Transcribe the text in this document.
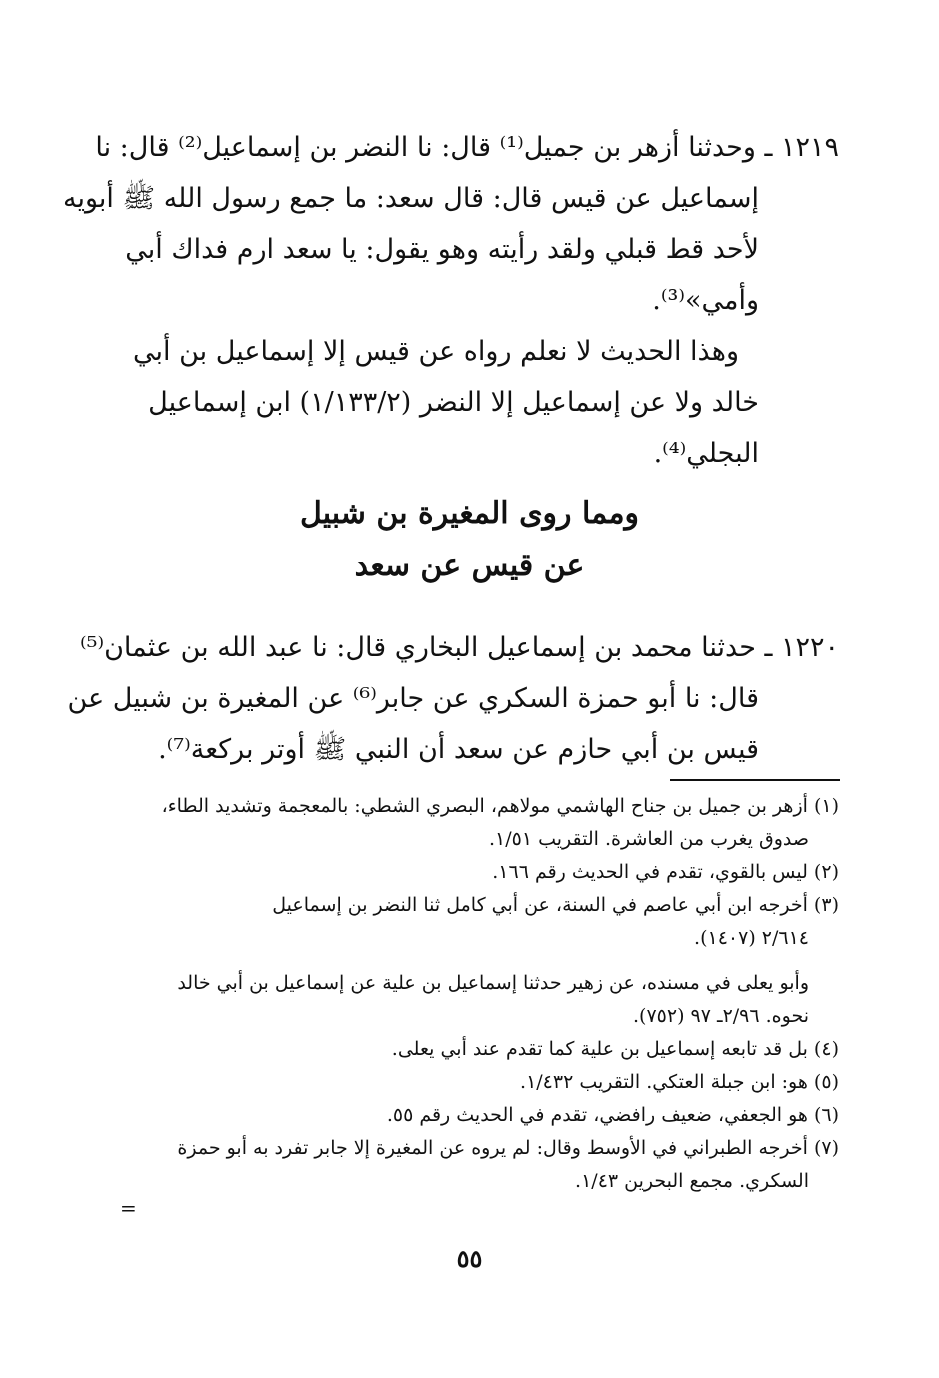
١٢١٩ ـ وحدثنا أزهر بن جميل⁽¹⁾ قال: نا النضر بن إسماعيل⁽²⁾ قال: نا
إسماعيل عن قيس قال: قال سعد: ما جمع رسول الله ﷺ أبويه
لأحد قط قبلي ولقد رأيته وهو يقول: يا سعد ارم فداك أبي
وأمي»⁽³⁾.
وهذا الحديث لا نعلم رواه عن قيس إلا إسماعيل بن أبي
خالد ولا عن إسماعيل إلا النضر (١/١٣٣/٢) ابن إسماعيل
البجلي⁽⁴⁾.
ومما روى المغيرة بن شبيل
عن قيس عن سعد
١٢٢٠ ـ حدثنا محمد بن إسماعيل البخاري قال: نا عبد الله بن عثمان⁽⁵⁾
قال: نا أبو حمزة السكري عن جابر⁽⁶⁾ عن المغيرة بن شبيل عن
قيس بن أبي حازم عن سعد أن النبي ﷺ أوتر بركعة⁽⁷⁾.
(١) أزهر بن جميل بن جناح الهاشمي مولاهم، البصري الشطي: بالمعجمة وتشديد الطاء،
صدوق يغرب من العاشرة. التقريب ١/٥١.
(٢) ليس بالقوي، تقدم في الحديث رقم ١٦٦.
(٣) أخرجه ابن أبي عاصم في السنة، عن أبي كامل ثنا النضر بن إسماعيل
٢/٦١٤ (١٤٠٧).
وأبو يعلى في مسنده، عن زهير حدثنا إسماعيل بن علية عن إسماعيل بن أبي خالد
نحوه. ٢/٩٦ـ ٩٧ (٧٥٢).
(٤) بل قد تابعه إسماعيل بن علية كما تقدم عند أبي يعلى.
(٥) هو: ابن جبلة العتكي. التقريب ١/٤٣٢.
(٦) هو الجعفي، ضعيف رافضي، تقدم في الحديث رقم ٥٥.
(٧) أخرجه الطبراني في الأوسط وقال: لم يروه عن المغيرة إلا جابر تفرد به أبو حمزة
السكري. مجمع البحرين ١/٤٣.
=
٥٥
